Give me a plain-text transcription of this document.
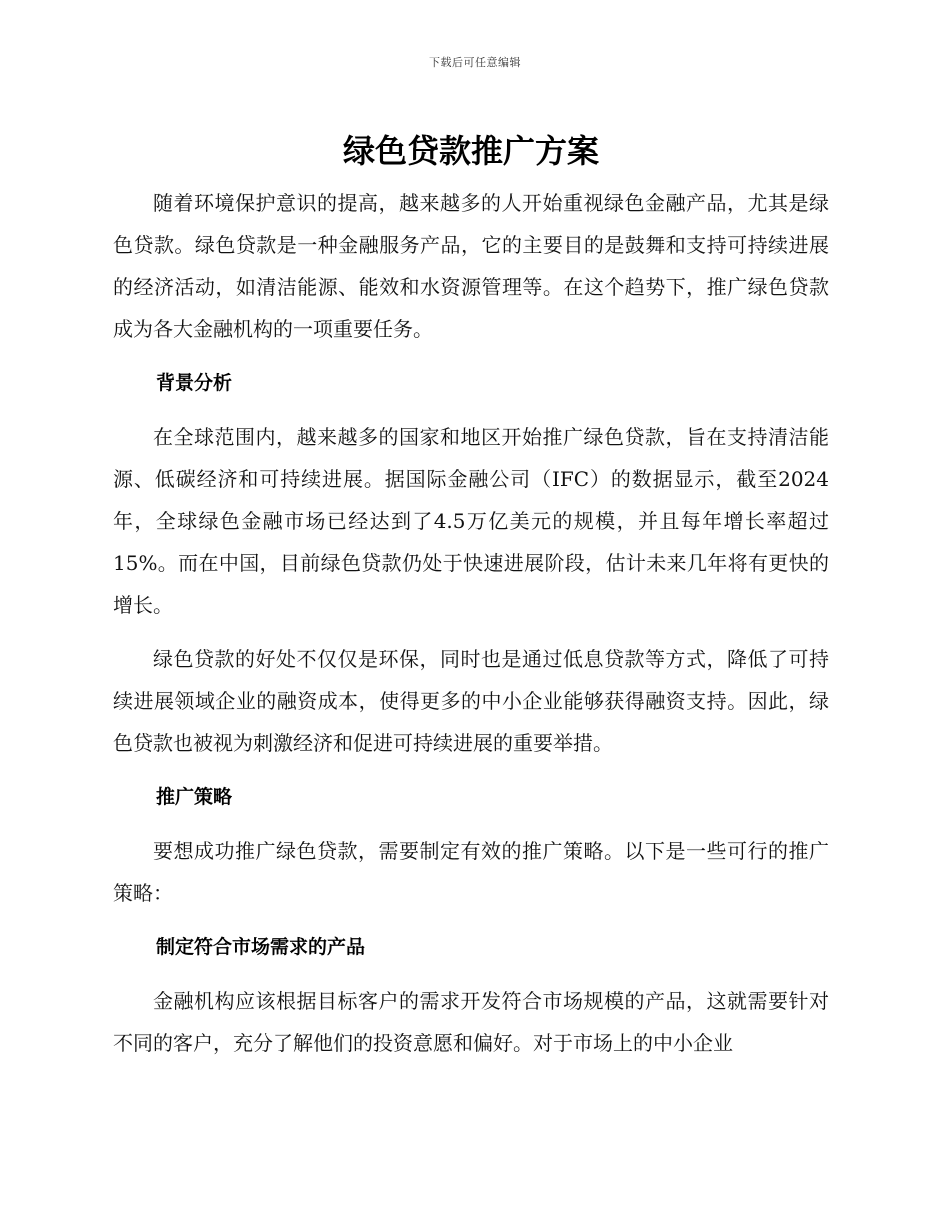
下载后可任意编辑
绿色贷款推广方案

随着环境保护意识的提高，越来越多的人开始重视绿色金融产品，尤其是绿色贷款。绿色贷款是一种金融服务产品，它的主要目的是鼓舞和支持可持续进展的经济活动，如清洁能源、能效和水资源管理等。在这个趋势下，推广绿色贷款成为各大金融机构的一项重要任务。

背景分析

在全球范围内，越来越多的国家和地区开始推广绿色贷款，旨在支持清洁能源、低碳经济和可持续进展。据国际金融公司（IFC）的数据显示，截至2024年，全球绿色金融市场已经达到了4.5万亿美元的规模，并且每年增长率超过15%。而在中国，目前绿色贷款仍处于快速进展阶段，估计未来几年将有更快的增长。

绿色贷款的好处不仅仅是环保，同时也是通过低息贷款等方式，降低了可持续进展领域企业的融资成本，使得更多的中小企业能够获得融资支持。因此，绿色贷款也被视为刺激经济和促进可持续进展的重要举措。

推广策略

要想成功推广绿色贷款，需要制定有效的推广策略。以下是一些可行的推广策略：

制定符合市场需求的产品

金融机构应该根据目标客户的需求开发符合市场规模的产品，这就需要针对不同的客户，充分了解他们的投资意愿和偏好。对于市场上的中小企业
